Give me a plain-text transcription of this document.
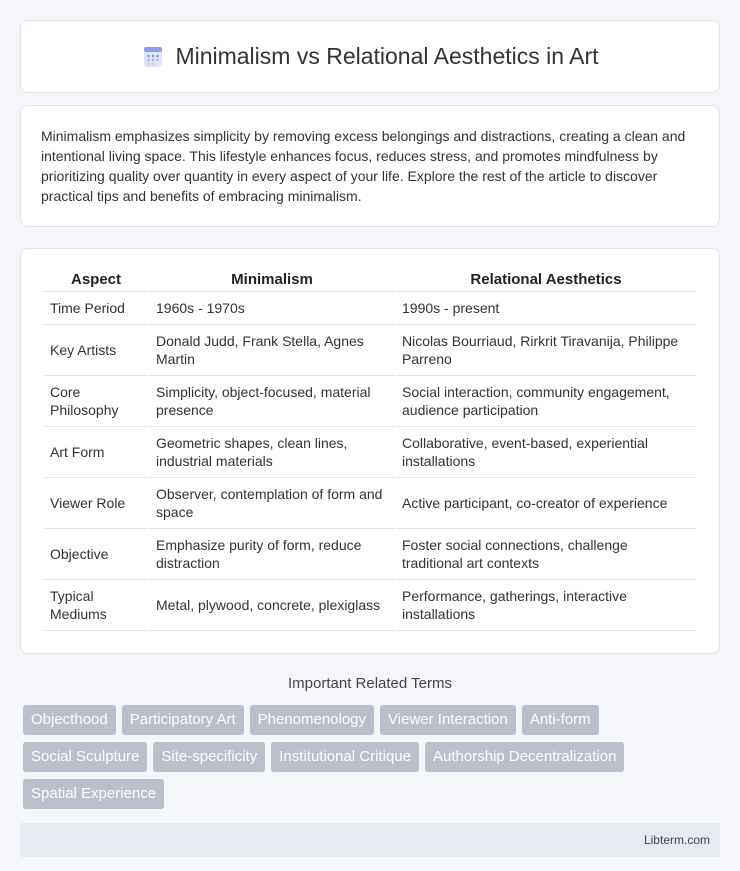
Minimalism vs Relational Aesthetics in Art

Minimalism emphasizes simplicity by removing excess belongings and distractions, creating a clean and intentional living space. This lifestyle enhances focus, reduces stress, and promotes mindfulness by prioritizing quality over quantity in every aspect of your life. Explore the rest of the article to discover practical tips and benefits of embracing minimalism.

Aspect	Minimalism	Relational Aesthetics
Time Period	1960s - 1970s	1990s - present
Key Artists	Donald Judd, Frank Stella, Agnes Martin	Nicolas Bourriaud, Rirkrit Tiravanija, Philippe Parreno
Core Philosophy	Simplicity, object-focused, material presence	Social interaction, community engagement, audience participation
Art Form	Geometric shapes, clean lines, industrial materials	Collaborative, event-based, experiential installations
Viewer Role	Observer, contemplation of form and space	Active participant, co-creator of experience
Objective	Emphasize purity of form, reduce distraction	Foster social connections, challenge traditional art contexts
Typical Mediums	Metal, plywood, concrete, plexiglass	Performance, gatherings, interactive installations
Important Related Terms
Objecthood	Participatory Art	Phenomenology	Viewer Interaction	Anti-form
Social Sculpture	Site-specificity	Institutional Critique	Authorship Decentralization
Spatial Experience
Libterm.com
